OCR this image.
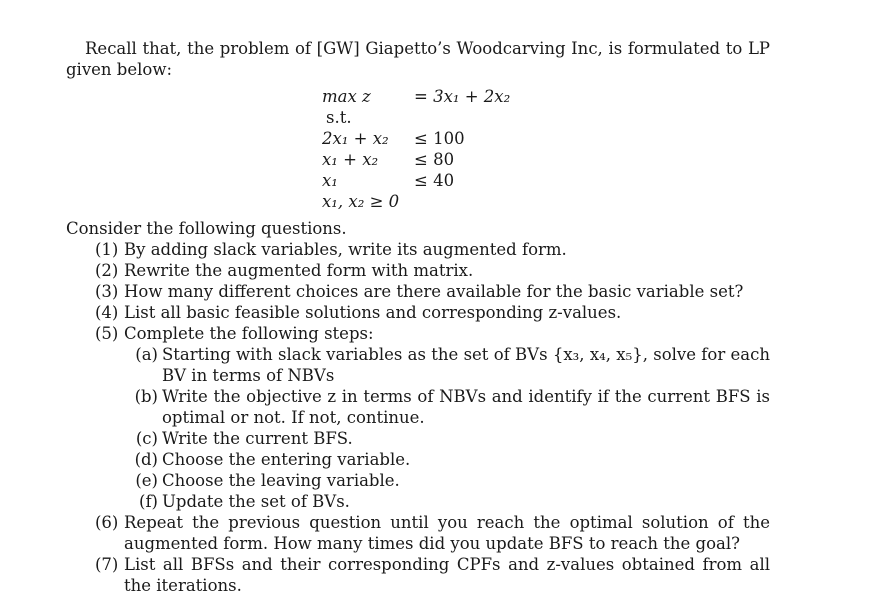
Recall that, the problem of [GW] Giapetto’s Woodcarving Inc, is formulated to LP given below:

max z	= 3x₁ + 2x₂
s.t.
2x₁ + x₂ ≤ 100
x₁ + x₂ ≤ 80
x₁	≤ 40
x₁, x₂ ≥ 0

Consider the following questions.

(1) By adding slack variables, write its augmented form.
(2) Rewrite the augmented form with matrix.
(3) How many different choices are there available for the basic variable set?
(4) List all basic feasible solutions and corresponding z-values.
(5) Complete the following steps:
(a) Starting with slack variables as the set of BVs {x₃, x₄, x₅}, solve for each BV in terms of NBVs
(b) Write the objective z in terms of NBVs and identify if the current BFS is optimal or not. If not, continue.
(c) Write the current BFS.
(d) Choose the entering variable.
(e) Choose the leaving variable.
(f) Update the set of BVs.
(6) Repeat the previous question until you reach the optimal solution of the augmented form. How many times did you update BFS to reach the goal?
(7) List all BFSs and their corresponding CPFs and z-values obtained from all the iterations.
